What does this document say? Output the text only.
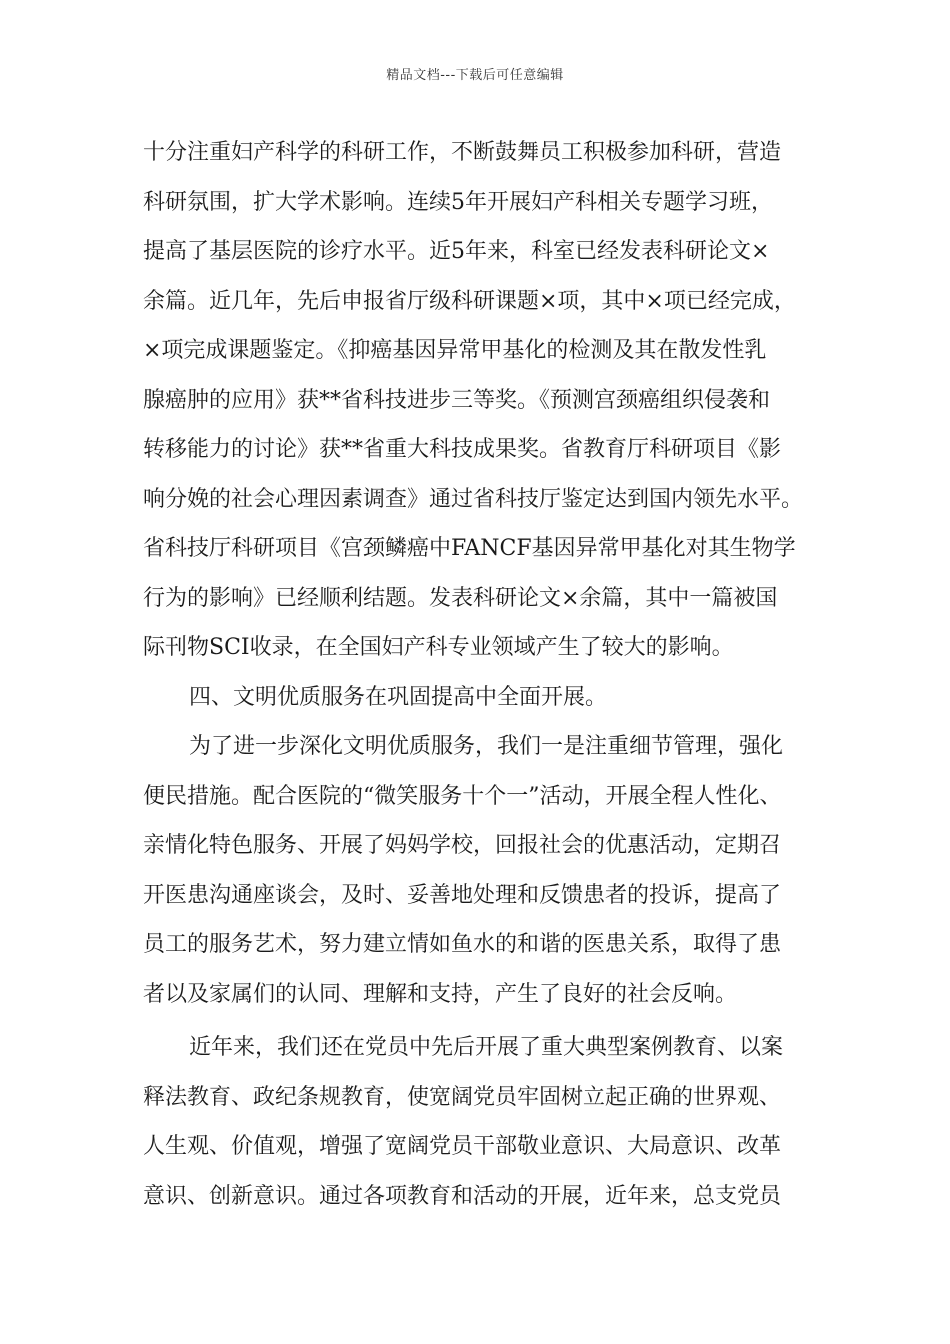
精品文档---下载后可任意编辑
十分注重妇产科学的科研工作，不断鼓舞员工积极参加科研，营造
科研氛围，扩大学术影响。连续5年开展妇产科相关专题学习班，
提高了基层医院的诊疗水平。近5年来，科室已经发表科研论文×
余篇。近几年，先后申报省厅级科研课题×项，其中×项已经完成，
×项完成课题鉴定。《抑癌基因异常甲基化的检测及其在散发性乳
腺癌肿的应用》获**省科技进步三等奖。《预测宫颈癌组织侵袭和
转移能力的讨论》获**省重大科技成果奖。省教育厅科研项目《影
响分娩的社会心理因素调查》通过省科技厅鉴定达到国内领先水平。
省科技厅科研项目《宫颈鳞癌中FANCF基因异常甲基化对其生物学
行为的影响》已经顺利结题。发表科研论文×余篇，其中一篇被国
际刊物SCI收录，在全国妇产科专业领域产生了较大的影响。
四、文明优质服务在巩固提高中全面开展。
为了进一步深化文明优质服务，我们一是注重细节管理，强化
便民措施。配合医院的“微笑服务十个一”活动，开展全程人性化、
亲情化特色服务、开展了妈妈学校，回报社会的优惠活动，定期召
开医患沟通座谈会，及时、妥善地处理和反馈患者的投诉，提高了
员工的服务艺术，努力建立情如鱼水的和谐的医患关系，取得了患
者以及家属们的认同、理解和支持，产生了良好的社会反响。
近年来，我们还在党员中先后开展了重大典型案例教育、以案
释法教育、政纪条规教育，使宽阔党员牢固树立起正确的世界观、
人生观、价值观，增强了宽阔党员干部敬业意识、大局意识、改革
意识、创新意识。通过各项教育和活动的开展，近年来，总支党员
